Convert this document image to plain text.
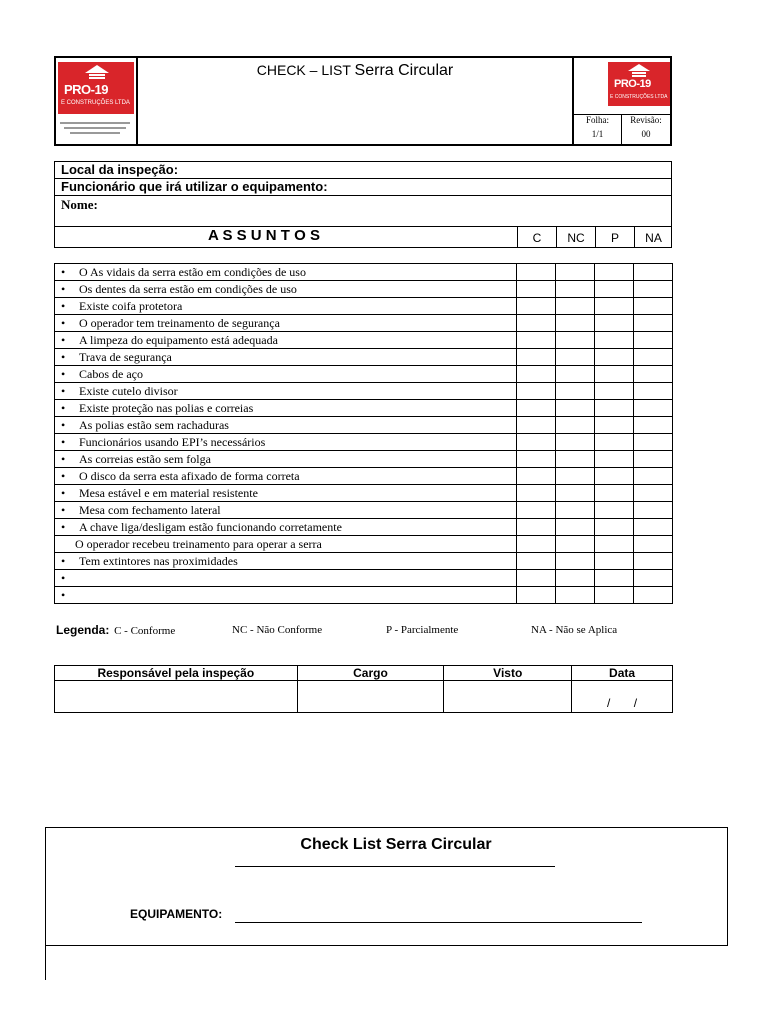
PRO-19
E CONSTRUÇÕES LTDA
CHECK – LIST Serra Circular
PRO-19
E CONSTRUÇÕES LTDA
Folha:
1/1
Revisão:
00
Local da inspeção:
Funcionário que irá utilizar o equipamento:
Nome:
A S S U N T O S	C	NC	P	NA
• O As vidais da serra estão em condições de uso				
• Os dentes da serra estão em condições de uso				
• Existe coifa protetora				
• O operador tem treinamento de segurança				
• A limpeza do equipamento está adequada				
• Trava de segurança				
• Cabos de aço				
• Existe cutelo divisor				
• Existe proteção nas polias e correias				
• As polias estão sem rachaduras				
• Funcionários usando EPI’s necessários				
• As correias estão sem folga				
• O disco da serra esta afixado de forma correta				
• Mesa estável e em material resistente				
• Mesa com fechamento lateral				
• A chave liga/desligam estão funcionando corretamente				
O operador recebeu treinamento para operar a serra				
• Tem extintores nas proximidades				
•				
•				
Legenda: C - Conforme	NC - Não Conforme	P - Parcialmente	NA - Não se Aplica
Responsável pela inspeção	Cargo	Visto	Data
			/       /
Check List Serra Circular
EQUIPAMENTO:
